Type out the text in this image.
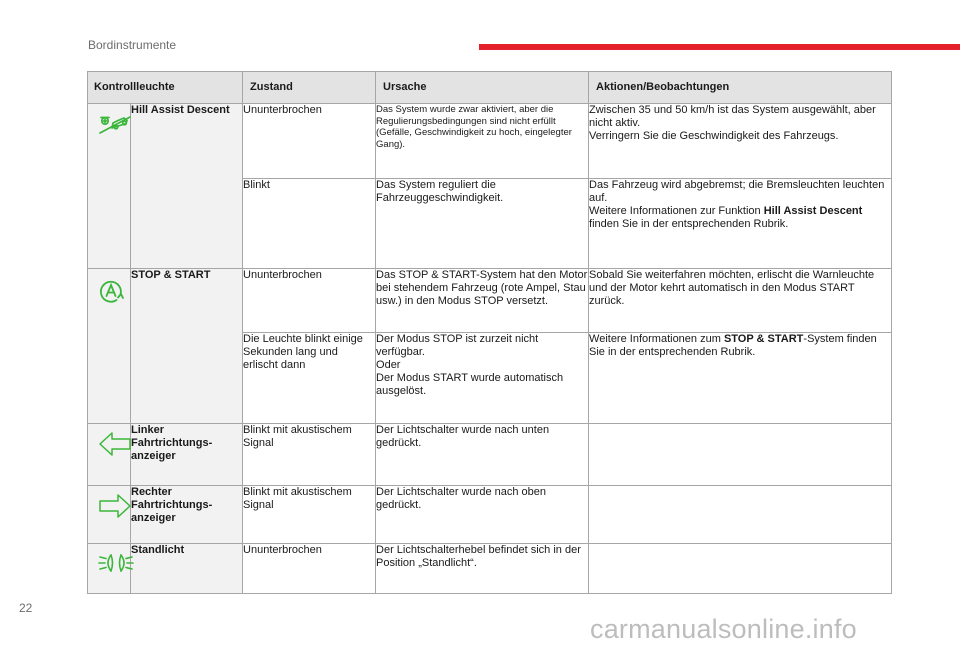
Bordinstrumente
Kontrollleuchte		Zustand	Ursache	Aktionen/Beobachtungen

	Hill Assist Descent	Ununterbrochen	Das System wurde zwar aktiviert, aber die Regulierungsbedingungen sind nicht erfüllt (Gefälle, Geschwindigkeit zu hoch, eingelegter Gang).	Zwischen 35 und 50 km/h ist das System ausgewählt, aber nicht aktiv.
Verringern Sie die Geschwindigkeit des Fahrzeugs.

		Blinkt	Das System reguliert die Fahrzeuggeschwindigkeit.	Das Fahrzeug wird abgebremst; die Bremsleuchten leuchten auf.
Weitere Informationen zur Funktion Hill Assist Descent finden Sie in der entsprechenden Rubrik.

	STOP & START	Ununterbrochen	Das STOP & START-System hat den Motor bei stehendem Fahrzeug (rote Ampel, Stau usw.) in den Modus STOP versetzt.	Sobald Sie weiterfahren möchten, erlischt die Warnleuchte und der Motor kehrt automatisch in den Modus START zurück.
		Die Leuchte blinkt einige Sekunden lang und erlischt dann	Der Modus STOP ist zurzeit nicht verfügbar.
Oder
Der Modus START wurde automatisch ausgelöst.	Weitere Informationen zum STOP & START-System finden Sie in der entsprechenden Rubrik.

	Linker Fahrtrichtungs-anzeiger	Blinkt mit akustischem Signal	Der Lichtschalter wurde nach unten gedrückt.	

	Rechter Fahrtrichtungs-anzeiger	Blinkt mit akustischem Signal	Der Lichtschalter wurde nach oben gedrückt.	

	Standlicht	Ununterbrochen	Der Lichtschalterhebel befindet sich in der Position „Standlicht“.	
22
carmanualsonline.info
